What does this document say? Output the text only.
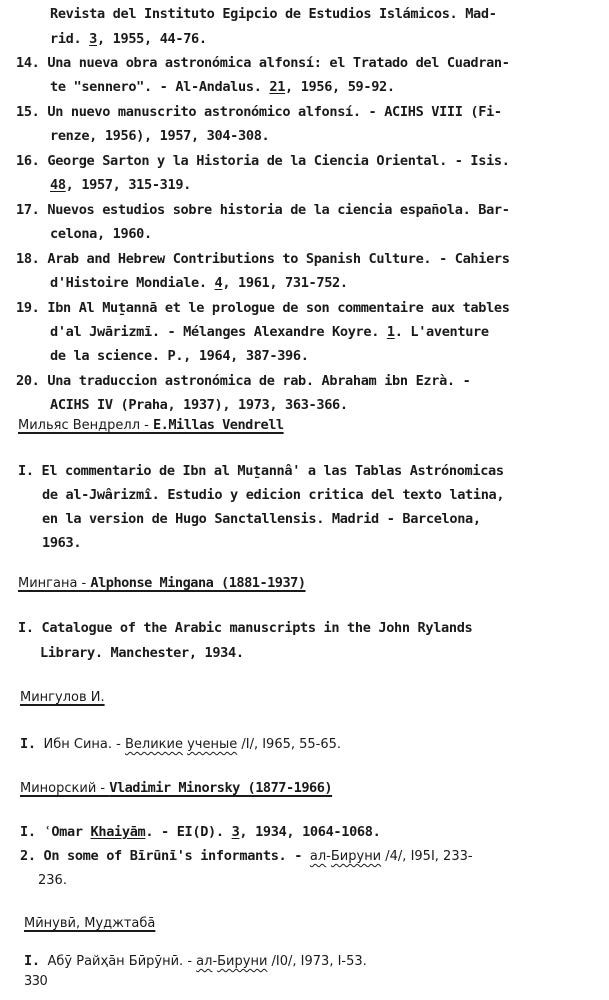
Revista del Instituto Egipcio de Estudios Islámicos. Mad-
rid. 3, 1955, 44-76.
14. Una nueva obra astronómica alfonsí: el Tratado del Cuadran-
te "sennero". - Al-Andalus. 21, 1956, 59-92.
15. Un nuevo manuscrito astronómico alfonsí. - ACIHS VIII (Fi-
renze, 1956), 1957, 304-308.
16. George Sarton y la Historia de la Ciencia Oriental. - Isis.
48, 1957, 315-319.
17. Nuevos estudios sobre historia de la ciencia española. Bar-
celona, 1960.
18. Arab and Hebrew Contributions to Spanish Culture. - Cahiers
d'Histoire Mondiale. 4, 1961, 731-752.
19. Ibn Al Muṯannā et le prologue de son commentaire aux tables
d'al Jwārizmī. - Mélanges Alexandre Koyre. 1. L'aventure
de la science. P., 1964, 387-396.
20. Una traduccion astronómica de rab. Abraham ibn Ezrà. -
ACIHS IV (Praha, 1937), 1973, 363-366.
Мильяс Вендрелл - E.Millas Vendrell
I. El commentario de Ibn al Muṯannâ' a las Tablas Astrónomicas
de al-Jwârizmî. Estudio y edicion critica del texto latina,
en la version de Hugo Sanctallensis. Madrid - Barcelona,
1963.
Мингана - Alphonse Mingana (1881-1937)
I. Catalogue of the Arabic manuscripts in the John Rylands
Library. Manchester, 1934.
Мингулов И.
I. Ибн Сина. - Великие ученые /I/, I965, 55-65.
Минорский - Vladimir Minorsky (1877-1966)
I. ʿOmar Khaiyām. - EI(D). 3, 1934, 1064-1068.
2. On some of Bīrūnī's informants. - ал-Бируни /4/, I95I, 233-
236.
Мӣнувӣ, Муджтаба̄
I. Абӯ Райҳāн Бӣрӯнӣ. - ал-Бируни /I0/, I973, I-53.
330
